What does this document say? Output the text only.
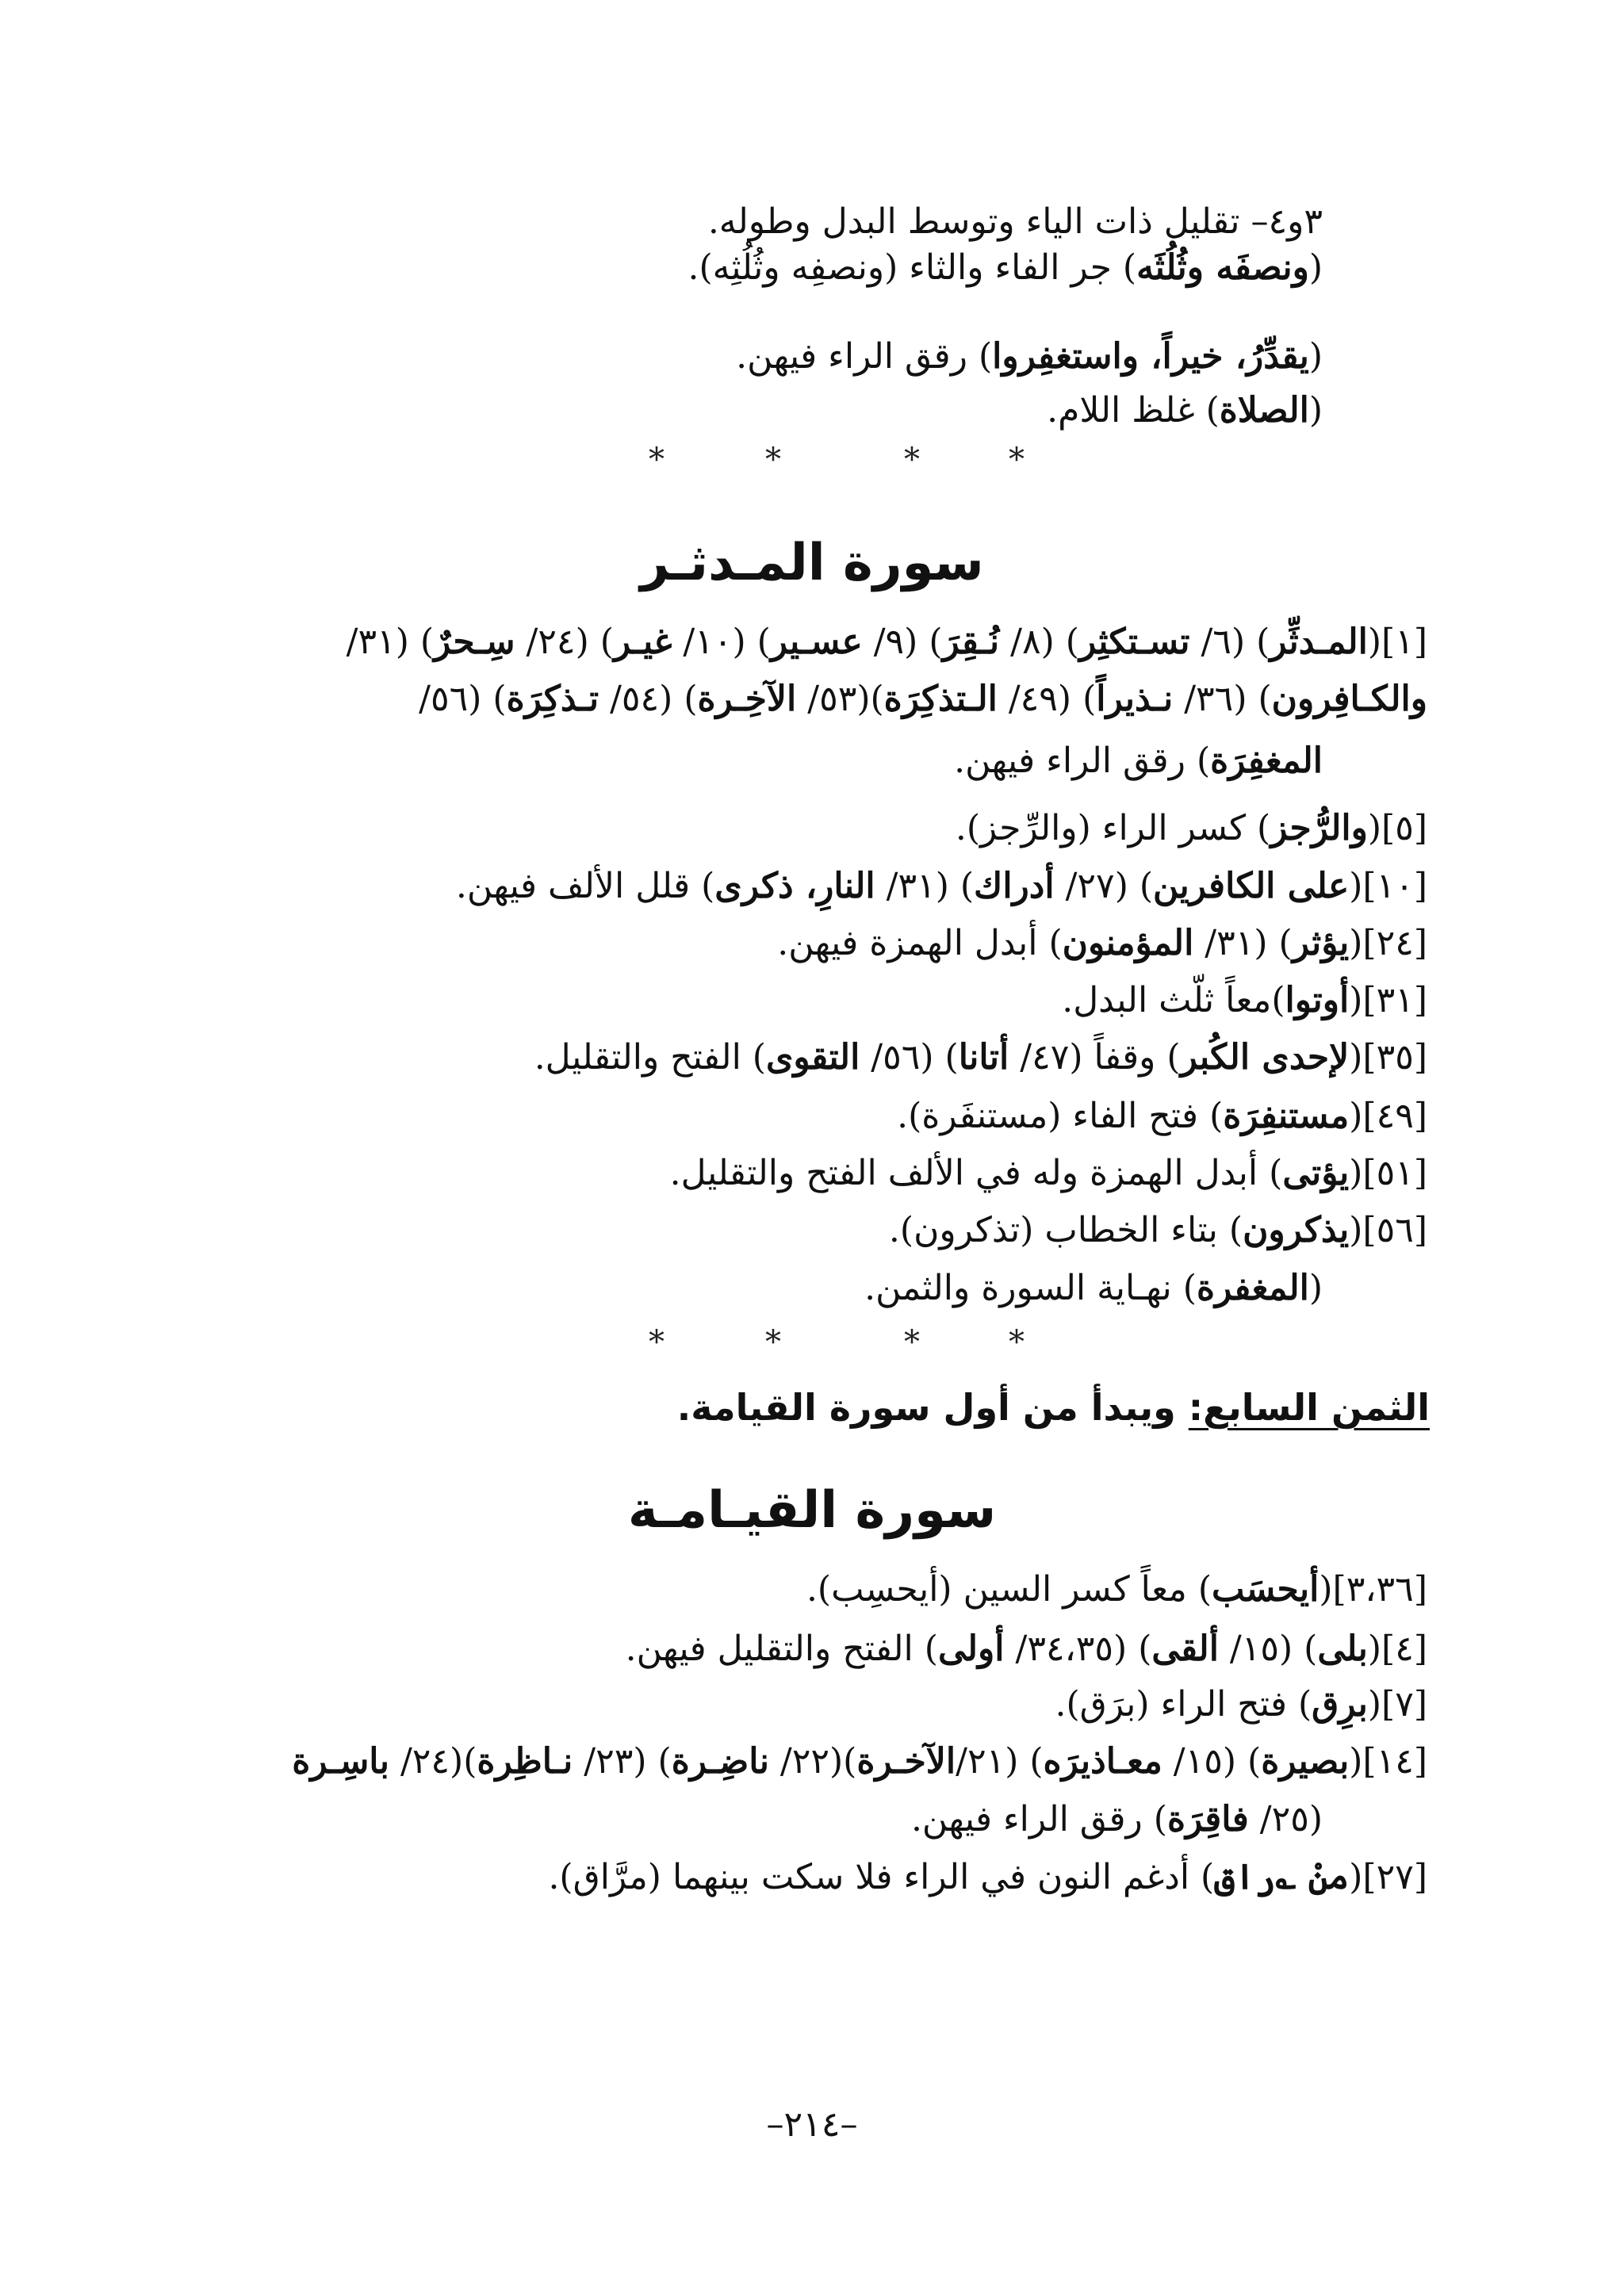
٣و٤– تقليل ذات الياء وتوسط البدل وطوله.
(ونصفَه وثُلُثَه) جر الفاء والثاء (ونصفِه وثُلُثِه).
(يقدِّرُ، خيراً، واستغفِروا) رقق الراء فيهن.
(الصلاة) غلظ اللام.
*	*	*	*
سورة المـدثـر
[١](المـدثِّر) (٦/ تسـتكثِر) (٨/ نُـقِرَ) (٩/ عسـير) (١٠/ غيـر) (٢٤/ سِـحرٌ) (٣١/
والكـافِرون) (٣٦/ نـذيراً) (٤٩/ الـتذكِرَة)(٥٣/ الآخِـرة) (٥٤/ تـذكِرَة) (٥٦/
المغفِرَة) رقق الراء فيهن.
[٥](والرُّجز) كسر الراء (والرِّجز).
[١٠](على الكافرين) (٢٧/ أدراك) (٣١/ النارِ، ذكرى) قلل الألف فيهن.
[٢٤](يؤثر) (٣١/ المؤمنون) أبدل الهمزة فيهن.
[٣١](أوتوا)معاً ثلّث البدل.
[٣٥](لإحدى الكُبر) وقفاً (٤٧/ أتانا) (٥٦/ التقوى) الفتح والتقليل.
[٤٩](مستنفِرَة) فتح الفاء (مستنفَرة).
[٥١](يؤتى) أبدل الهمزة وله في الألف الفتح والتقليل.
[٥٦](يذكرون) بتاء الخطاب (تذكرون).
(المغفرة) نهـاية السورة والثمن.
*	*	*	*
الثمن السابع: ويبدأ من أول سورة القيامة.
سورة القيـامـة
[٣،٣٦](أيحسَب) معاً كسر السين (أيحسِب).
[٤](بلى) (١٥/ ألقى) (٣٤،٣٥/ أولى) الفتح والتقليل فيهن.
[٧](برِق) فتح الراء (برَق).
[١٤](بصيرة) (١٥/ معـاذيرَه) (٢١/الآخـرة)(٢٢/ ناضِـرة) (٢٣/ نـاظِرة)(٢٤/ باسِـرة
(٢٥/ فاقِرَة) رقق الراء فيهن.
[٢٧](منْ ؎راق) أدغم النون في الراء فلا سكت بينهما (مرَّاق).
–٢١٤–
